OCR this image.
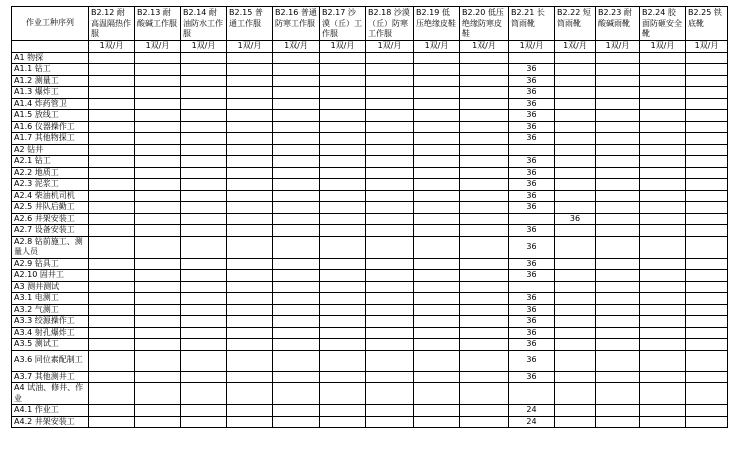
作业工种序列	B2.12 耐高温隔热作服	B2.13 耐酸碱工作服	B2.14 耐油防水工作服	B2.15 普通工作服	B2.16 普通防寒工作服	B2.17 沙漠（丘）工作服	B2.18 沙漠（丘）防寒工作服	B2.19 低压绝缘皮鞋	B2.20 低压绝缘防寒皮鞋	B2.21 长筒雨靴	B2.22 短筒雨靴	B2.23 耐酸碱雨靴	B2.24 胶面防砸安全靴	B2.25 铁底靴
	1双/月	1双/月	1双/月	1双/月	1双/月	1双/月	1双/月	1双/月	1双/月	1双/月	1双/月	1双/月	1双/月	1双/月
A1 物探														
A1.1 钻工										36				
A1.2 测量工										36				
A1.3 爆炸工										36				
A1.4 炸药管卫										36				
A1.5 放线工										36				
A1.6 仪器操作工										36				
A1.7 其他物探工										36				
A2 钻井														
A2.1 钻工										36				
A2.2 地质工										36				
A2.3 泥浆工										36				
A2.4 柴油机司机										36				
A2.5 井队后勤工										36				
A2.6 井架安装工											36			
A2.7 设备安装工										36				
A2.8 钻前施工、测量人员										36				
A2.9 钻具工										36				
A2.10 固井工										36				
A3 测井测试														
A3.1 电测工										36				
A3.2 气测工										36				
A3.3 绞源操作工										36				
A3.4 射孔爆炸工										36				
A3.5 测试工										36				
A3.6 同位素配制工										36				
A3.7 其他测井工										36				
A4 试油、修井、作业														
A4.1 作业工										24				
A4.2 井架安装工										24				
